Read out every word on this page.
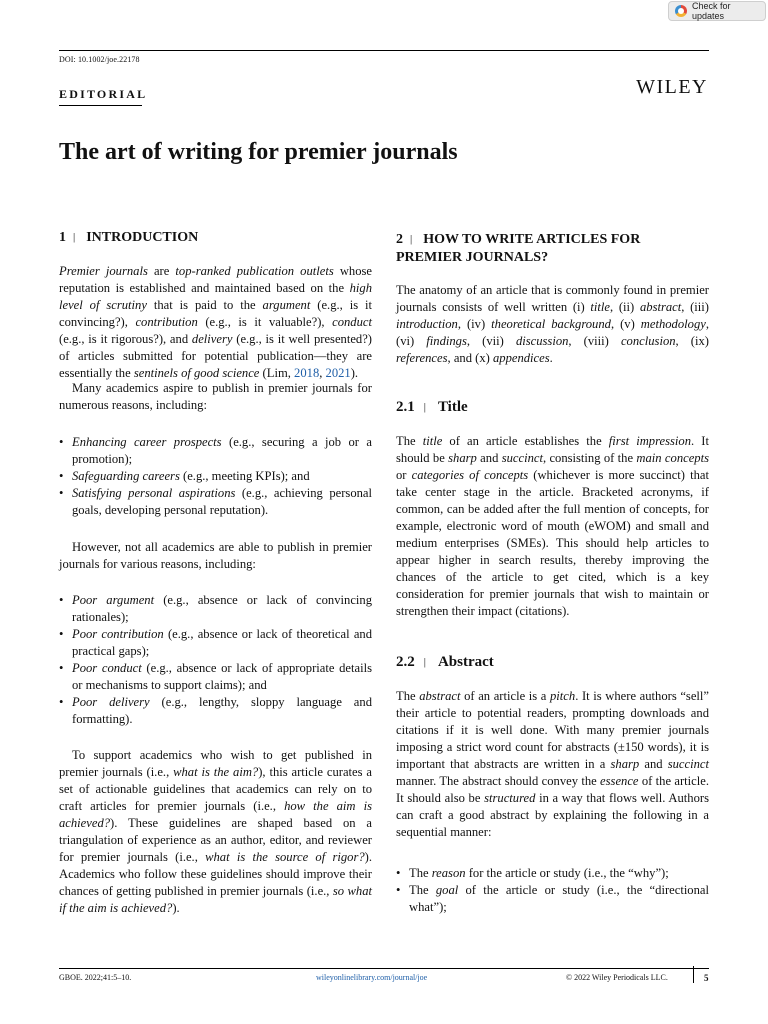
Check for updates
DOI: 10.1002/joe.22178
EDITORIAL	WILEY
The art of writing for premier journals
1 | INTRODUCTION

Premier journals are top-ranked publication outlets whose reputation is established and maintained based on the high level of scrutiny that is paid to the argument (e.g., is it convincing?), contribution (e.g., is it valuable?), conduct (e.g., is it rigorous?), and delivery (e.g., is it well presented?) of articles submitted for potential publication—they are essentially the sentinels of good science (Lim, 2018, 2021).

Many academics aspire to publish in premier journals for numerous reasons, including:

• Enhancing career prospects (e.g., securing a job or a promotion);
• Safeguarding careers (e.g., meeting KPIs); and
• Satisfying personal aspirations (e.g., achieving personal goals, developing personal reputation).

However, not all academics are able to publish in premier journals for various reasons, including:

• Poor argument (e.g., absence or lack of convincing rationales);
• Poor contribution (e.g., absence or lack of theoretical and practical gaps);
• Poor conduct (e.g., absence or lack of appropriate details or mechanisms to support claims); and
• Poor delivery (e.g., lengthy, sloppy language and formatting).

To support academics who wish to get published in premier journals (i.e., what is the aim?), this article curates a set of actionable guidelines that academics can rely on to craft articles for premier journals (i.e., how the aim is achieved?). These guidelines are shaped based on a triangulation of experience as an author, editor, and reviewer for premier journals (i.e., what is the source of rigor?). Academics who follow these guidelines should improve their chances of getting published in premier journals (i.e., so what if the aim is achieved?).

2 | HOW TO WRITE ARTICLES FOR PREMIER JOURNALS?

The anatomy of an article that is commonly found in premier journals consists of well written (i) title, (ii) abstract, (iii) introduction, (iv) theoretical background, (v) methodology, (vi) findings, (vii) discussion, (viii) conclusion, (ix) references, and (x) appendices.

2.1 | Title

The title of an article establishes the first impression. It should be sharp and succinct, consisting of the main concepts or categories of concepts (whichever is more succinct) that take center stage in the article. Bracketed acronyms, if common, can be added after the full mention of concepts, for example, electronic word of mouth (eWOM) and small and medium enterprises (SMEs). This should help articles to appear higher in search results, thereby improving the chances of the article to get cited, which is a key consideration for premier journals that wish to maintain or strengthen their impact (citations).

2.2 | Abstract

The abstract of an article is a pitch. It is where authors “sell” their article to potential readers, prompting downloads and citations if it is well done. With many premier journals imposing a strict word count for abstracts (±150 words), it is important that abstracts are written in a sharp and succinct manner. The abstract should convey the essence of the article. It should also be structured in a way that flows well. Authors can craft a good abstract by explaining the following in a sequential manner:

• The reason for the article or study (i.e., the “why”);
• The goal of the article or study (i.e., the “directional what”);
GBOE. 2022;41:5–10.	wileyonlinelibrary.com/journal/joe	© 2022 Wiley Periodicals LLC.	5
